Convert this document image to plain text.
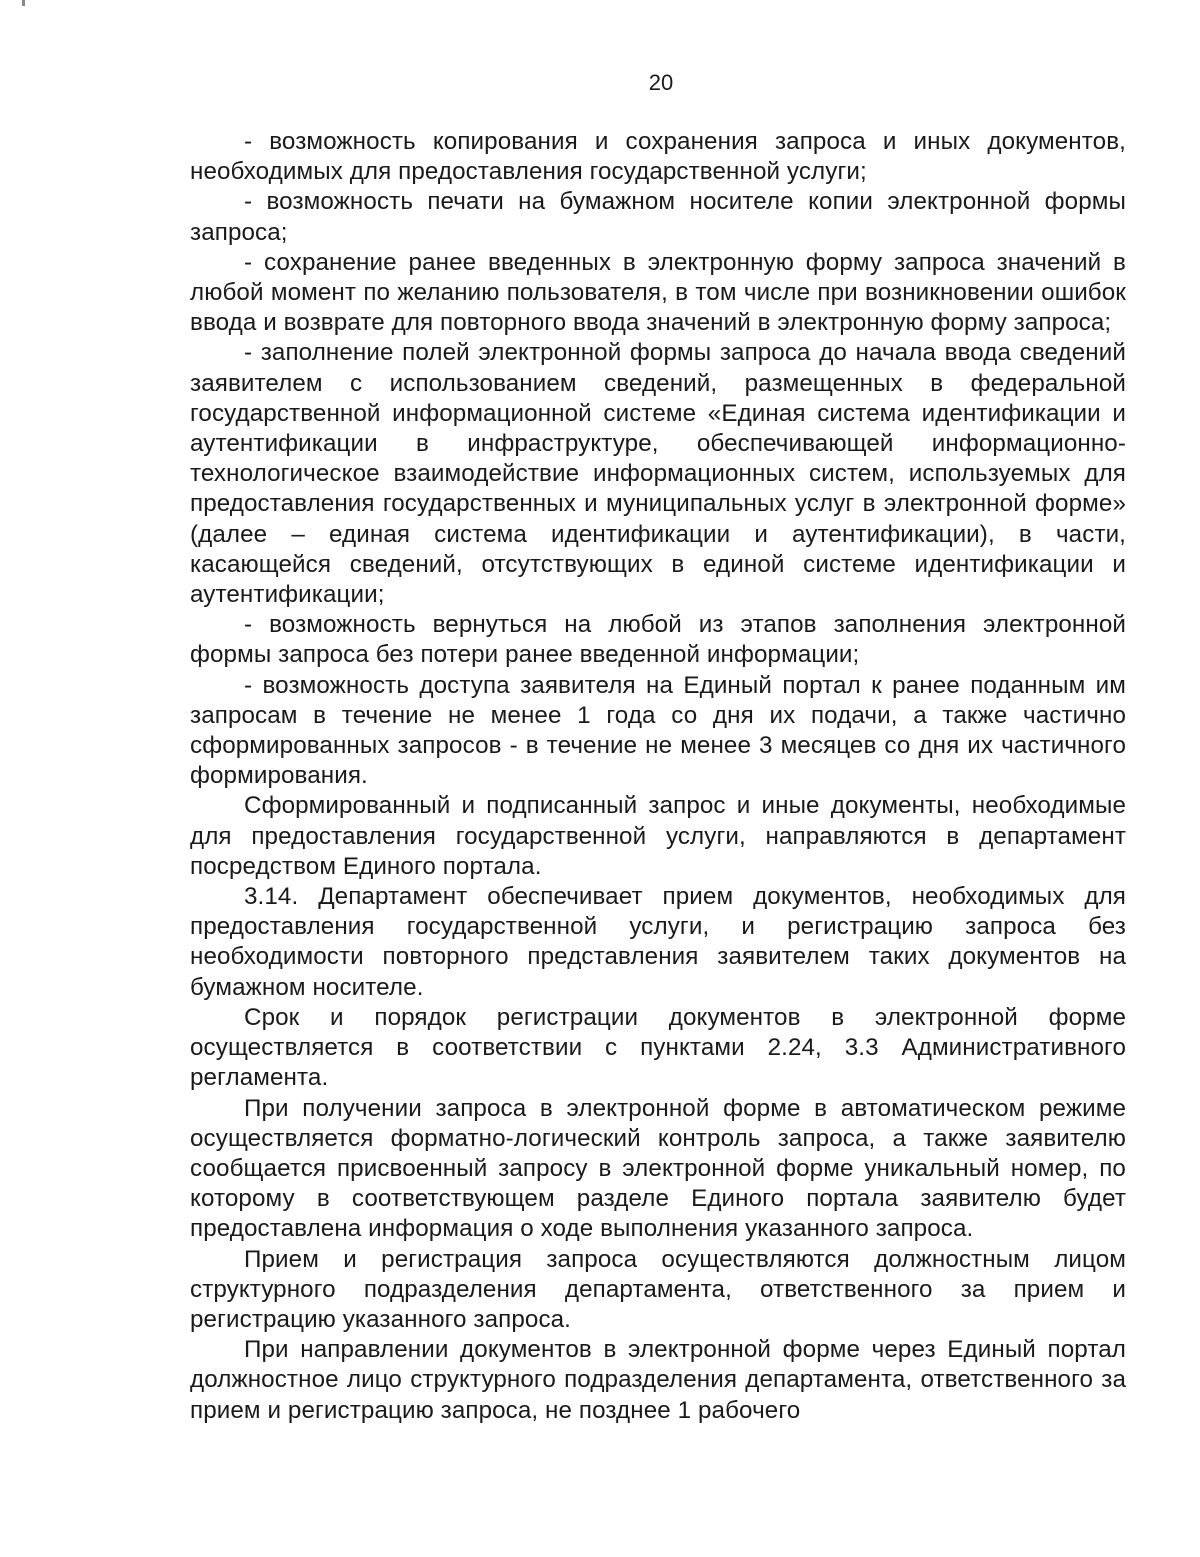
20

- возможность копирования и сохранения запроса и иных документов, необходимых для предоставления государственной услуги;

- возможность печати на бумажном носителе копии электронной формы запроса;

- сохранение ранее введенных в электронную форму запроса значений в любой момент по желанию пользователя, в том числе при возникновении ошибок ввода и возврате для повторного ввода значений в электронную форму запроса;

- заполнение полей электронной формы запроса до начала ввода сведений заявителем с использованием сведений, размещенных в федеральной государственной информационной системе «Единая система идентификации и аутентификации в инфраструктуре, обеспечивающей информационно-технологическое взаимодействие информационных систем, используемых для предоставления государственных и муниципальных услуг в электронной форме» (далее – единая система идентификации и аутентификации), в части, касающейся сведений, отсутствующих в единой системе идентификации и аутентификации;

- возможность вернуться на любой из этапов заполнения электронной формы запроса без потери ранее введенной информации;

- возможность доступа заявителя на Единый портал к ранее поданным им запросам в течение не менее 1 года со дня их подачи, а также частично сформированных запросов - в течение не менее 3 месяцев со дня их частичного формирования.

Сформированный и подписанный запрос и иные документы, необходимые для предоставления государственной услуги, направляются в департамент посредством Единого портала.

3.14. Департамент обеспечивает прием документов, необходимых для предоставления государственной услуги, и регистрацию запроса без необходимости повторного представления заявителем таких документов на бумажном носителе.

Срок и порядок регистрации документов в электронной форме осуществляется в соответствии с пунктами 2.24, 3.3 Административного регламента.

При получении запроса в электронной форме в автоматическом режиме осуществляется форматно-логический контроль запроса, а также заявителю сообщается присвоенный запросу в электронной форме уникальный номер, по которому в соответствующем разделе Единого портала заявителю будет предоставлена информация о ходе выполнения указанного запроса.

Прием и регистрация запроса осуществляются должностным лицом структурного подразделения департамента, ответственного за прием и регистрацию указанного запроса.

При направлении документов в электронной форме через Единый портал должностное лицо структурного подразделения департамента, ответственного за прием и регистрацию запроса, не позднее 1 рабочего
